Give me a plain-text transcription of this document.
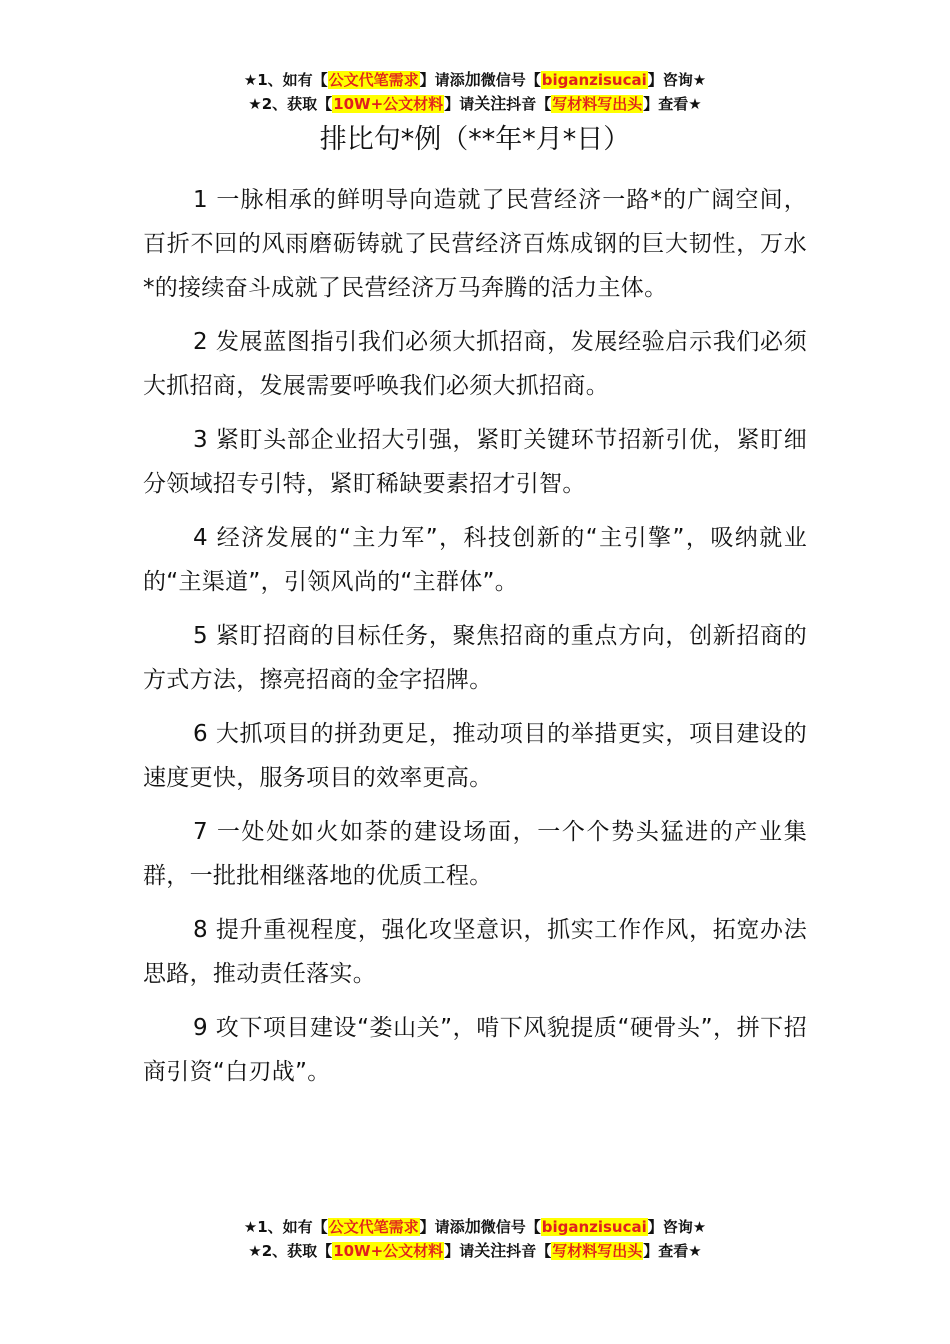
★1、如有【公文代笔需求】请添加微信号【biganzisucai】咨询★
★2、获取【10W+公文材料】请关注抖音【写材料写出头】查看★
排比句*例（**年*月*日）

1 一脉相承的鲜明导向造就了民营经济一路*的广阔空间，百折不回的风雨磨砺铸就了民营经济百炼成钢的巨大韧性，万水*的接续奋斗成就了民营经济万马奔腾的活力主体。

2 发展蓝图指引我们必须大抓招商，发展经验启示我们必须大抓招商，发展需要呼唤我们必须大抓招商。

3 紧盯头部企业招大引强，紧盯关键环节招新引优，紧盯细分领域招专引特，紧盯稀缺要素招才引智。

4 经济发展的“主力军”，科技创新的“主引擎”，吸纳就业的“主渠道”，引领风尚的“主群体”。

5 紧盯招商的目标任务，聚焦招商的重点方向，创新招商的方式方法，擦亮招商的金字招牌。

6 大抓项目的拼劲更足，推动项目的举措更实，项目建设的速度更快，服务项目的效率更高。

7 一处处如火如荼的建设场面，一个个势头猛进的产业集群，一批批相继落地的优质工程。

8 提升重视程度，强化攻坚意识，抓实工作作风，拓宽办法思路，推动责任落实。

9 攻下项目建设“娄山关”，啃下风貌提质“硬骨头”，拼下招商引资“白刃战”。

★1、如有【公文代笔需求】请添加微信号【biganzisucai】咨询★
★2、获取【10W+公文材料】请关注抖音【写材料写出头】查看★
